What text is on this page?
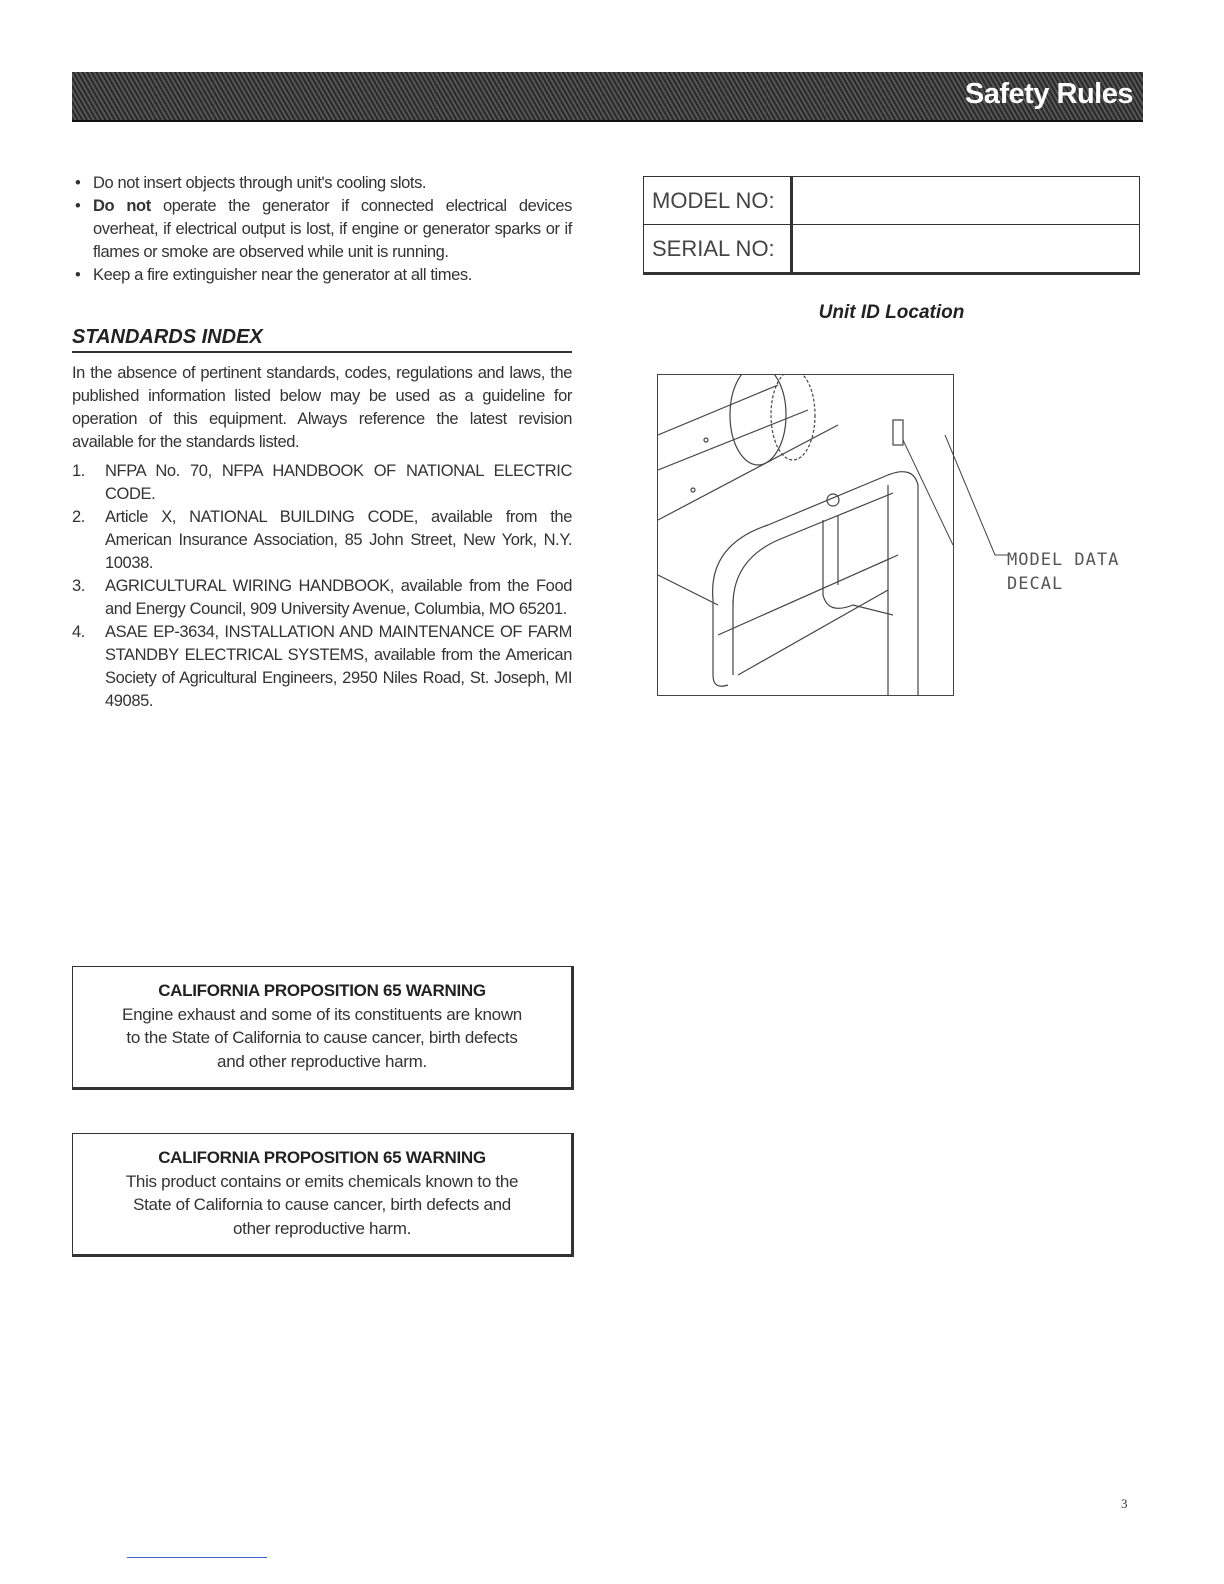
Safety Rules
• Do not insert objects through unit's cooling slots.
• Do not operate the generator if connected electrical devices overheat, if electrical output is lost, if engine or generator sparks or if flames or smoke are observed while unit is running.
• Keep a fire extinguisher near the generator at all times.
STANDARDS INDEX
In the absence of pertinent standards, codes, regulations and laws, the published information listed below may be used as a guideline for operation of this equipment. Always reference the latest revision available for the standards listed.
1. NFPA No. 70, NFPA HANDBOOK OF NATIONAL ELECTRIC CODE.
2. Article X, NATIONAL BUILDING CODE, available from the American Insurance Association, 85 John Street, New York, N.Y. 10038.
3. AGRICULTURAL WIRING HANDBOOK, available from the Food and Energy Council, 909 University Avenue, Columbia, MO 65201.
4. ASAE EP-3634, INSTALLATION AND MAINTENANCE OF FARM STANDBY ELECTRICAL SYSTEMS, available from the American Society of Agricultural Engineers, 2950 Niles Road, St. Joseph, MI 49085.
CALIFORNIA PROPOSITION 65 WARNING
Engine exhaust and some of its constituents are known to the State of California to cause cancer, birth defects and other reproductive harm.
CALIFORNIA PROPOSITION 65 WARNING
This product contains or emits chemicals known to the State of California to cause cancer, birth defects and other reproductive harm.
MODEL NO:	
SERIAL NO:	
Unit ID Location
MODEL DATA
DECAL
3
